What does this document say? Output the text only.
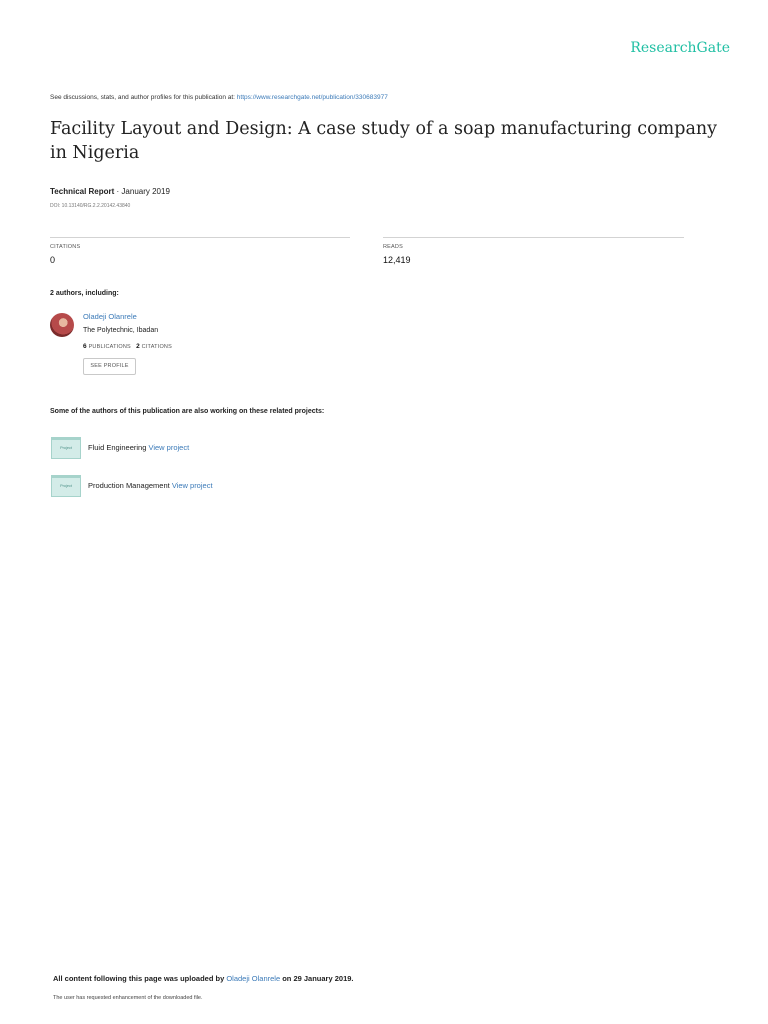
ResearchGate
See discussions, stats, and author profiles for this publication at: https://www.researchgate.net/publication/330683977
Facility Layout and Design: A case study of a soap manufacturing company in Nigeria
Technical Report · January 2019
DOI: 10.13140/RG.2.2.20142.43840
CITATIONS
0
READS
12,419
2 authors, including:
Oladeji Olanrele
The Polytechnic, Ibadan
6 PUBLICATIONS 2 CITATIONS
SEE PROFILE
Some of the authors of this publication are also working on these related projects:
Project	Fluid Engineering View project
Project	Production Management View project
All content following this page was uploaded by Oladeji Olanrele on 29 January 2019.
The user has requested enhancement of the downloaded file.
